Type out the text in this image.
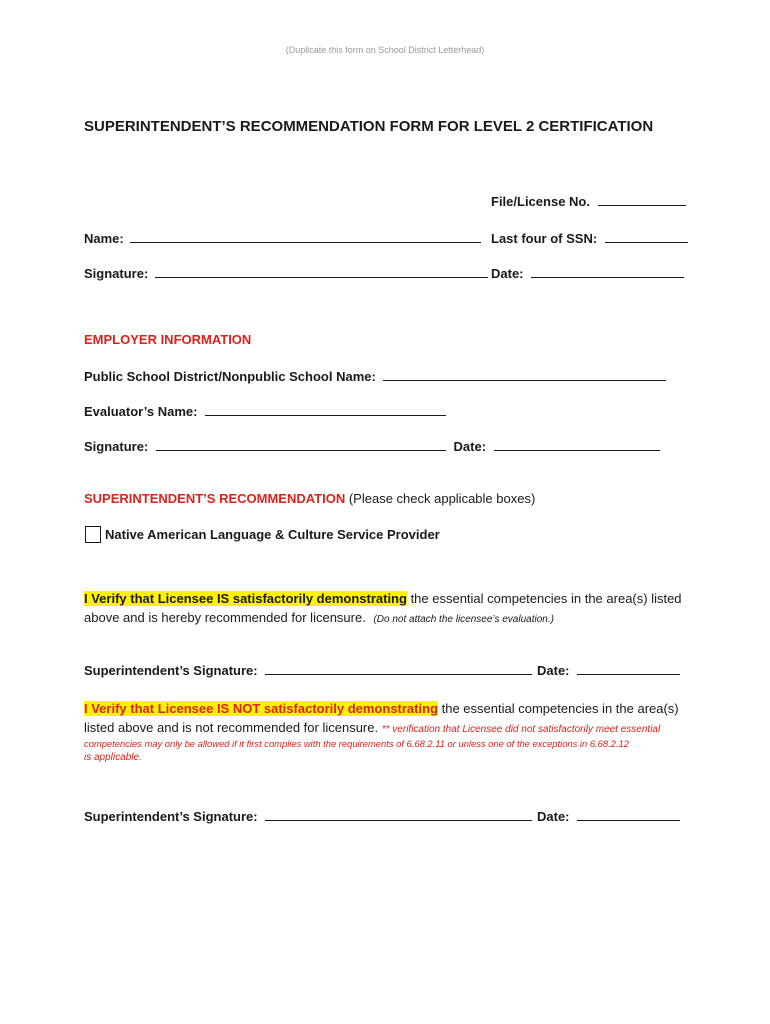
(Duplicate this form on School District Letterhead)
SUPERINTENDENT’S RECOMMENDATION FORM FOR LEVEL 2 CERTIFICATION
File/License No.
Name:	Last four of SSN:
Signature:	Date:
EMPLOYER INFORMATION
Public School District/Nonpublic School Name:
Evaluator’s Name:
Signature:	Date:
SUPERINTENDENT’S RECOMMENDATION (Please check applicable boxes)
Native American Language & Culture Service Provider
I Verify that Licensee IS satisfactorily demonstrating the essential competencies in the area(s) listed
above and is hereby recommended for licensure. (Do not attach the licensee’s evaluation.)
Superintendent’s Signature:	Date:
I Verify that Licensee IS NOT satisfactorily demonstrating the essential competencies in the area(s)
listed above and is not recommended for licensure. ** verification that Licensee did not satisfactorily meet essential
competencies may only be allowed if it first complies with the requirements of 6.68.2.11 or unless one of the exceptions in 6.68.2.12
is applicable.
Superintendent’s Signature:	Date:
